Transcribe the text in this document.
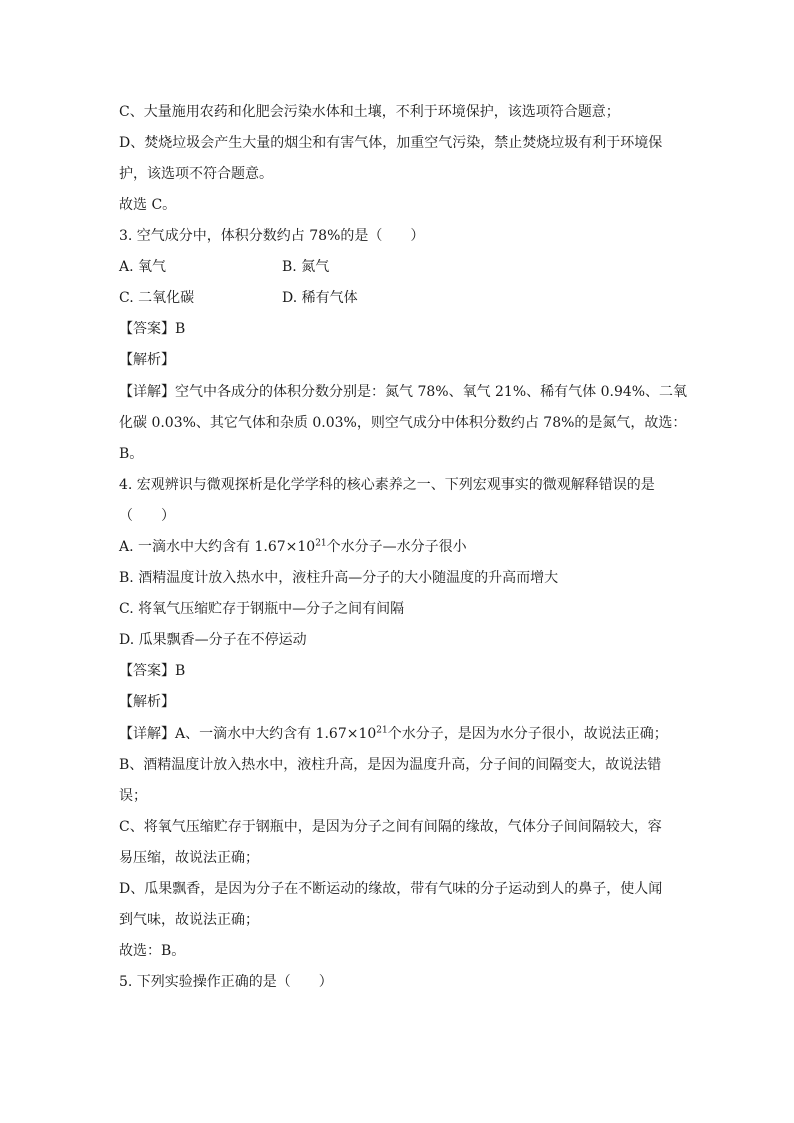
C、大量施用农药和化肥会污染水体和土壤，不利于环境保护，该选项符合题意；
D、焚烧垃圾会产生大量的烟尘和有害气体，加重空气污染，禁止焚烧垃圾有利于环境保
护，该选项不符合题意。
故选 C。
3. 空气成分中，体积分数约占 78%的是（　　）
A. 氧气	B. 氮气
C. 二氧化碳	D. 稀有气体
【答案】B
【解析】
【详解】空气中各成分的体积分数分别是：氮气 78%、氧气 21%、稀有气体 0.94%、二氧
化碳 0.03%、其它气体和杂质 0.03%，则空气成分中体积分数约占 78%的是氮气，故选：
B。
4. 宏观辨识与微观探析是化学学科的核心素养之一、下列宏观事实的微观解释错误的是
（　　）
A. 一滴水中大约含有 $1.67\times 10^{21}$个水分子—水分子很小
B. 酒精温度计放入热水中，液柱升高—分子的大小随温度的升高而增大
C. 将氧气压缩贮存于钢瓶中—分子之间有间隔
D. 瓜果飘香—分子在不停运动
【答案】B
【解析】
【详解】A、一滴水中大约含有 $1.67\times 10^{21}$个水分子，是因为水分子很小，故说法正确；
B、酒精温度计放入热水中，液柱升高，是因为温度升高，分子间的间隔变大，故说法错
误；
C、将氧气压缩贮存于钢瓶中，是因为分子之间有间隔的缘故，气体分子间间隔较大，容
易压缩，故说法正确；
D、瓜果飘香，是因为分子在不断运动的缘故，带有气味的分子运动到人的鼻子，使人闻
到气味，故说法正确；
故选：B。
5. 下列实验操作正确的是（　　）
